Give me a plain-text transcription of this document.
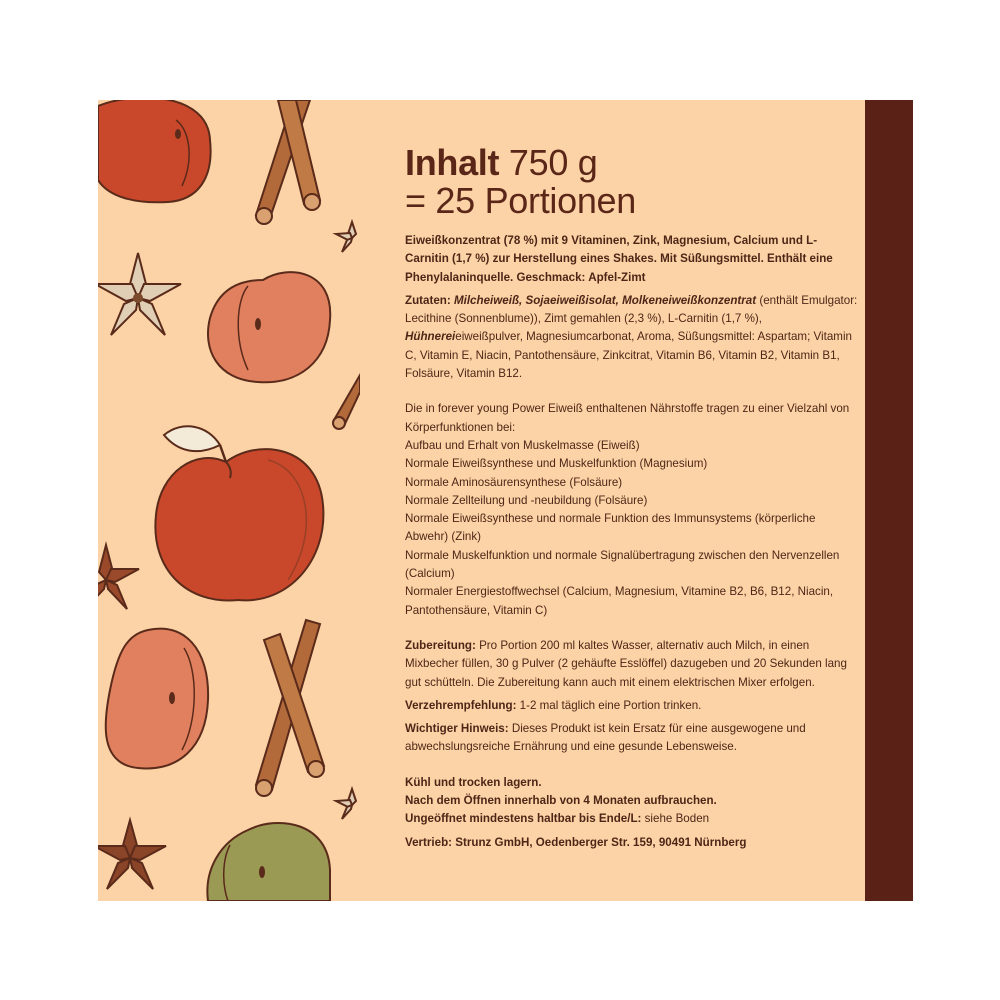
Inhalt 750 g
= 25 Portionen

Eiweißkonzentrat (78 %) mit 9 Vitaminen, Zink, Magnesium, Calcium und L-Carnitin (1,7 %) zur Herstellung eines Shakes. Mit Süßungsmittel. Enthält eine Phenylalaninquelle. Geschmack: Apfel-Zimt

Zutaten: Milcheiweiß, Sojaeiweißisolat, Molkeneiweißkonzentrat (enthält Emulgator: Lecithine (Sonnenblume)), Zimt gemahlen (2,3 %), L-Carnitin (1,7 %), Hühnereieiweißpulver, Magnesiumcarbonat, Aroma, Süßungsmittel: Aspartam; Vitamin C, Vitamin E, Niacin, Pantothensäure, Zinkcitrat, Vitamin B6, Vitamin B2, Vitamin B1, Folsäure, Vitamin B12.

Die in forever young Power Eiweiß enthaltenen Nährstoffe tragen zu einer Vielzahl von Körperfunktionen bei:

Aufbau und Erhalt von Muskelmasse (Eiweiß)

Normale Eiweißsynthese und Muskelfunktion (Magnesium)

Normale Aminosäurensynthese (Folsäure)

Normale Zellteilung und -neubildung (Folsäure)

Normale Eiweißsynthese und normale Funktion des Immunsystems (körperliche Abwehr) (Zink)

Normale Muskelfunktion und normale Signalübertragung zwischen den Nervenzellen (Calcium)

Normaler Energiestoffwechsel (Calcium, Magnesium, Vitamine B2, B6, B12, Niacin, Pantothensäure, Vitamin C)

Zubereitung: Pro Portion 200 ml kaltes Wasser, alternativ auch Milch, in einen Mixbecher füllen, 30 g Pulver (2 gehäufte Esslöffel) dazugeben und 20 Sekunden lang gut schütteln. Die Zubereitung kann auch mit einem elektrischen Mixer erfolgen.

Verzehrempfehlung: 1-2 mal täglich eine Portion trinken.

Wichtiger Hinweis: Dieses Produkt ist kein Ersatz für eine ausgewogene und abwechslungsreiche Ernährung und eine gesunde Lebensweise.

Kühl und trocken lagern.

Nach dem Öffnen innerhalb von 4 Monaten aufbrauchen.

Ungeöffnet mindestens haltbar bis Ende/L: siehe Boden

Vertrieb: Strunz GmbH, Oedenberger Str. 159, 90491 Nürnberg
